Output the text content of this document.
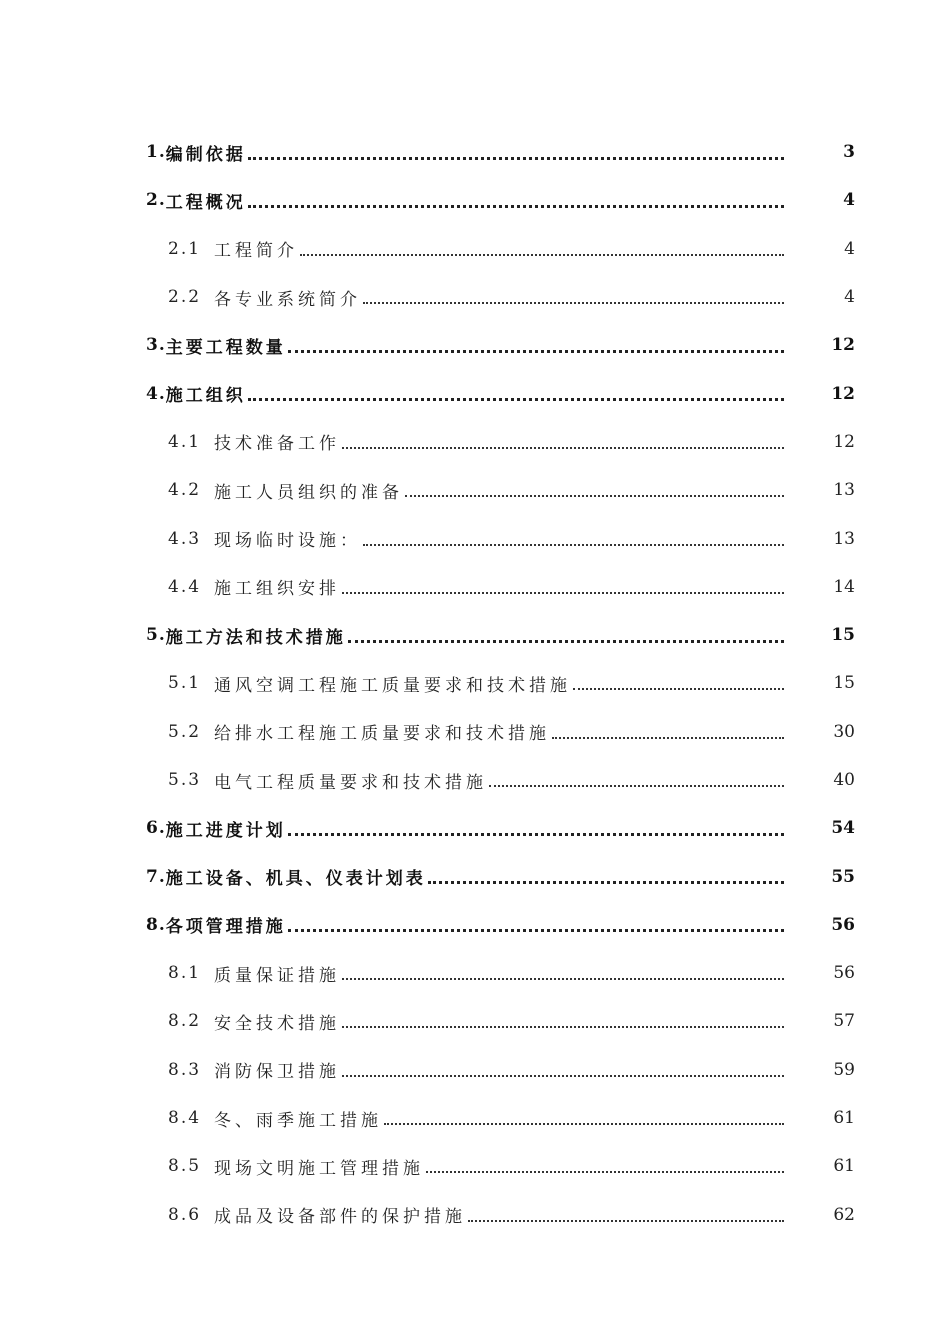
1. 编制依据	3
2. 工程概况	4
2.1 工程简介	4
2.2 各专业系统简介	4
3. 主要工程数量	12
4. 施工组织	12
4.1 技术准备工作	12
4.2 施工人员组织的准备	13
4.3 现场临时设施：	13
4.4 施工组织安排	14
5. 施工方法和技术措施	15
5.1 通风空调工程施工质量要求和技术措施	15
5.2 给排水工程施工质量要求和技术措施	30
5.3 电气工程质量要求和技术措施	40
6. 施工进度计划	54
7. 施工设备、机具、仪表计划表	55
8. 各项管理措施	56
8.1 质量保证措施	56
8.2 安全技术措施	57
8.3 消防保卫措施	59
8.4 冬、雨季施工措施	61
8.5 现场文明施工管理措施	61
8.6 成品及设备部件的保护措施	62
